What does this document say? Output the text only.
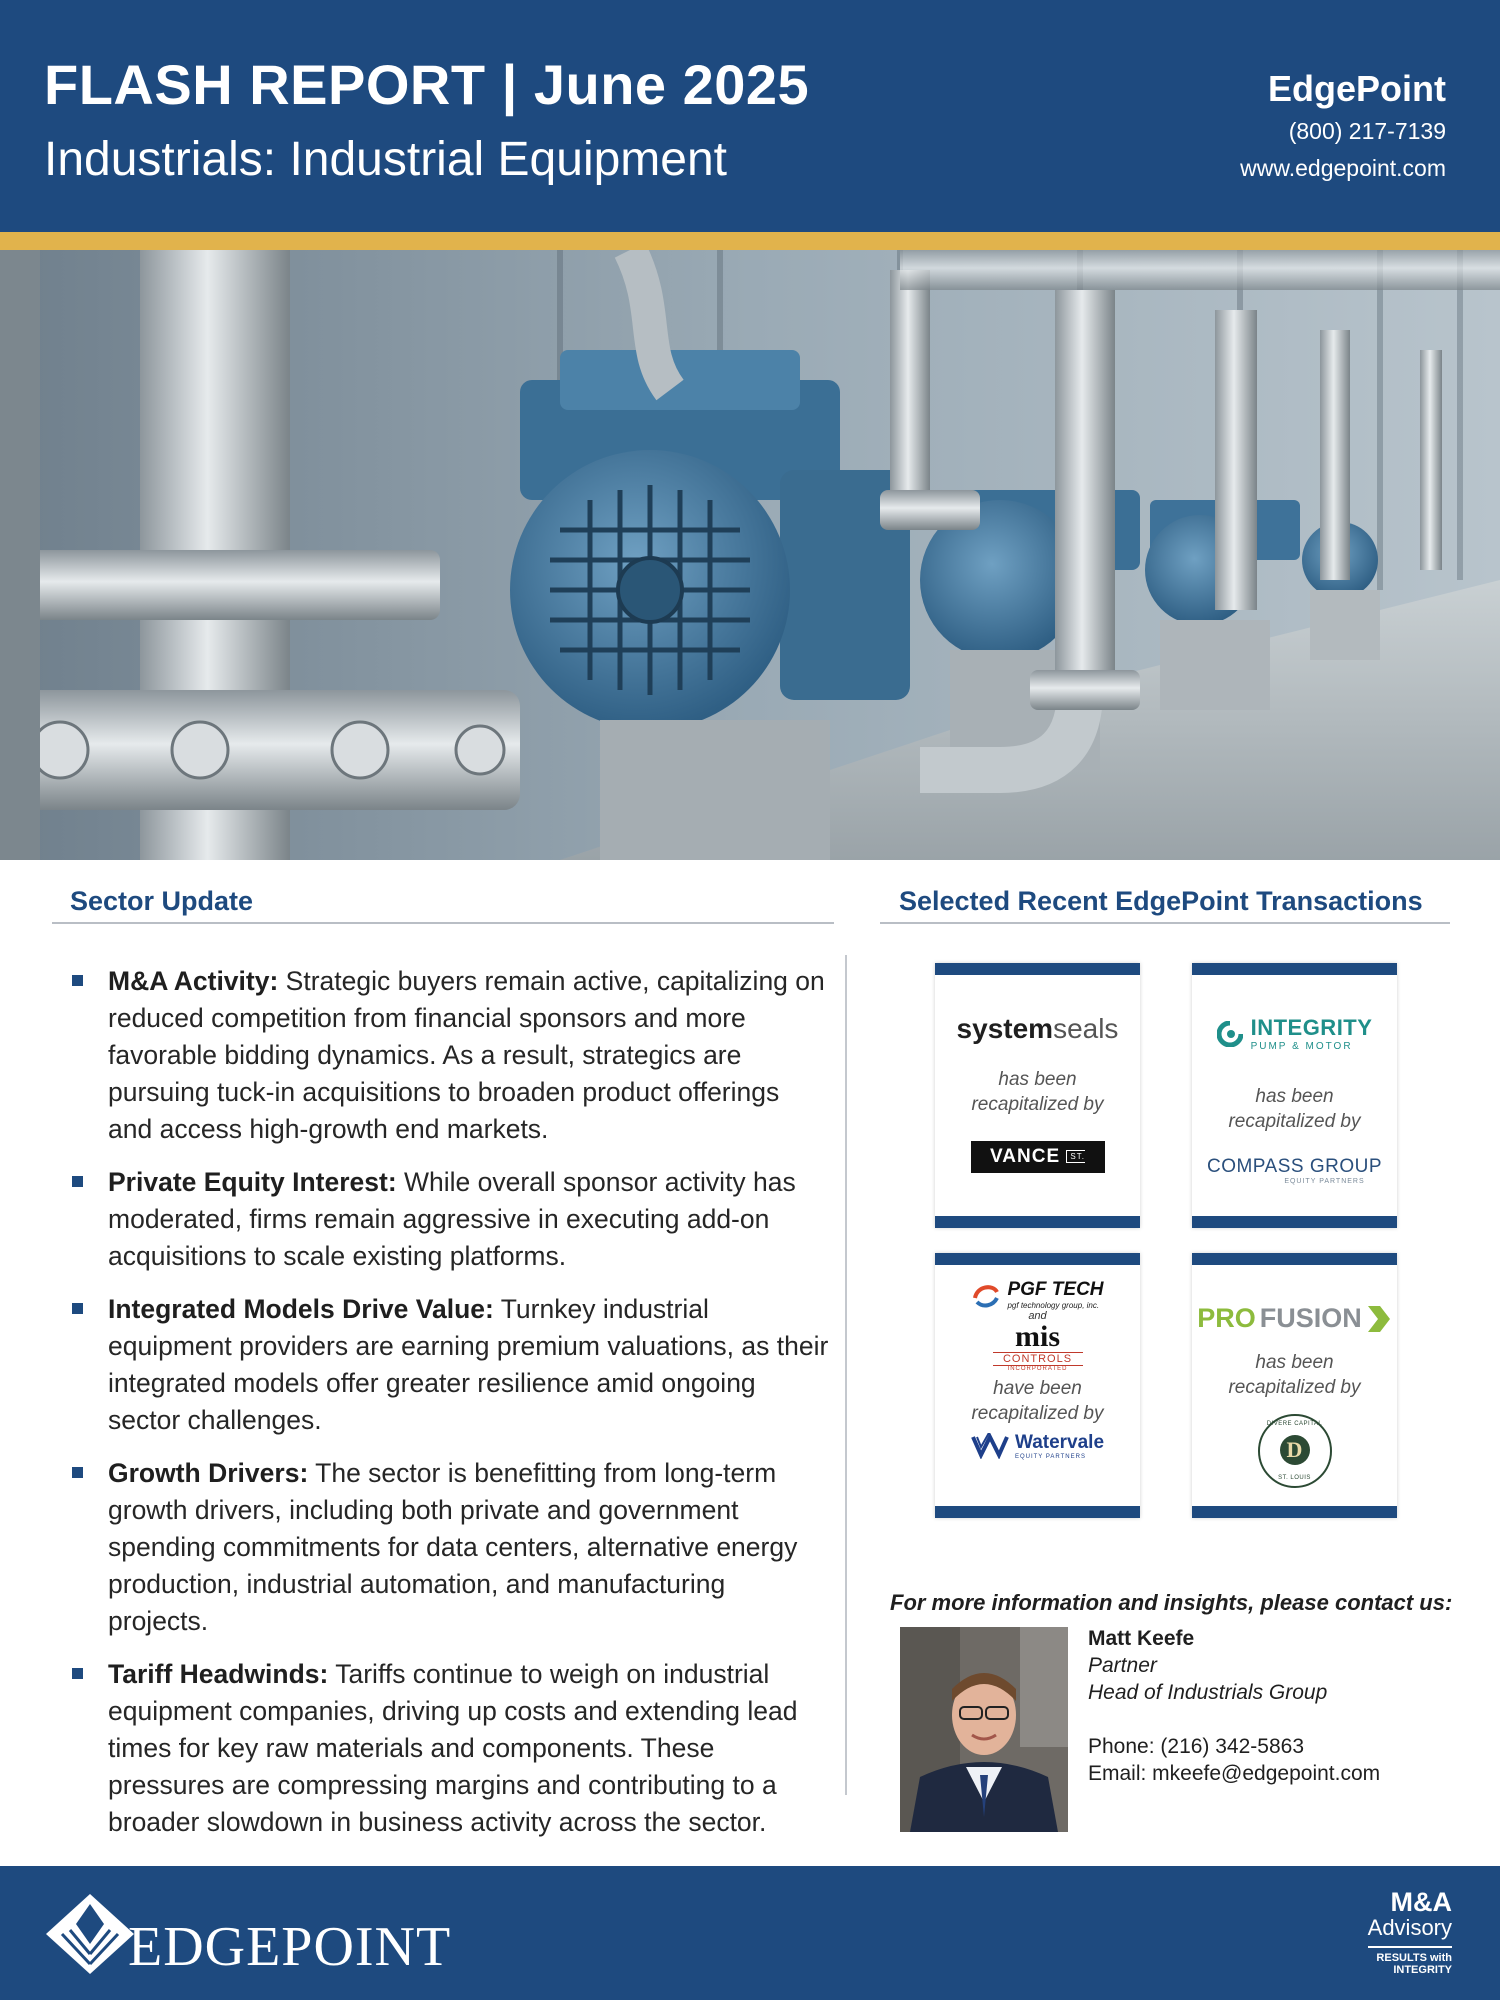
FLASH REPORT | June 2025
Industrials: Industrial Equipment
EdgePoint
(800) 217-7139
www.edgepoint.com
Sector Update
M&A Activity: Strategic buyers remain active, capitalizing on reduced competition from financial sponsors and more favorable bidding dynamics. As a result, strategics are pursuing tuck-in acquisitions to broaden product offerings and access high-growth end markets.
Private Equity Interest: While overall sponsor activity has moderated, firms remain aggressive in executing add-on acquisitions to scale existing platforms.
Integrated Models Drive Value: Turnkey industrial equipment providers are earning premium valuations, as their integrated models offer greater resilience amid ongoing sector challenges.
Growth Drivers: The sector is benefitting from long-term growth drivers, including both private and government spending commitments for data centers, alternative energy production, industrial automation, and manufacturing projects.
Tariff Headwinds: Tariffs continue to weigh on industrial equipment companies, driving up costs and extending lead times for key raw materials and components. These pressures are compressing margins and contributing to a broader slowdown in business activity across the sector.
Selected Recent EdgePoint Transactions
systemseals
has been
recapitalized by
VANCE ST. CAPITAL
INTEGRITY
PUMP & MOTOR
has been
recapitalized by
COMPASS GROUP
EQUITY PARTNERS
PGF TECH
pgf technology group, inc.
and
mis
CONTROLS
INCORPORATED
have been
recapitalized by
Watervale
EQUITY PARTNERS
PRO FUSION
has been
recapitalized by
DIVERE CAPITAL
D
ST. LOUIS
For more information and insights, please contact us:
Matt Keefe
Partner
Head of Industrials Group
Phone: (216) 342-5863
Email: mkeefe@edgepoint.com
EDGEPOINT
M&A
Advisory
RESULTS with
INTEGRITY
